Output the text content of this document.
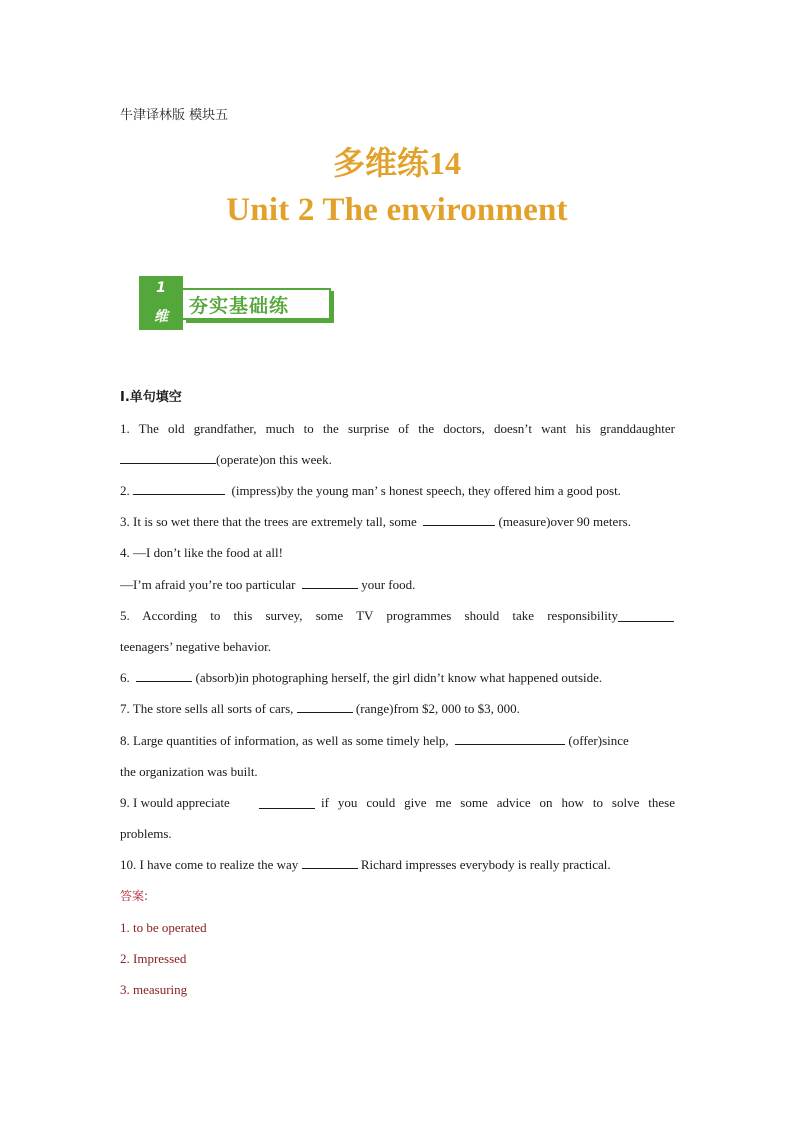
牛津译林版 模块五
多维练14
Unit 2 The environment
1
维	夯实基础练
I.单句填空
1. The old grandfather, much to the surprise of the doctors, doesn’t want his granddaughter
(operate)on this week.
2.	(impress)by the young man’ s honest speech, they offered him a good post.
3. It is so wet there that the trees are extremely tall, some	(measure)over 90 meters.
4. —I don’t like the food at all!
—I’m afraid you’re too particular	your food.
5. According to this survey, some TV programmes should take responsibility
teenagers’ negative behavior.
6.	(absorb)in photographing herself, the girl didn’t know what happened outside.
7. The store sells all sorts of cars,	(range)from $2, 000 to $3, 000.
8. Large quantities of information, as well as some timely help,	(offer)since
the organization was built.
9. I would appreciate	if you could give me some advice on how to solve these
problems.
10. I have come to realize the way	Richard impresses everybody is really practical.
答案:
1. to be operated
2. Impressed
3. measuring
